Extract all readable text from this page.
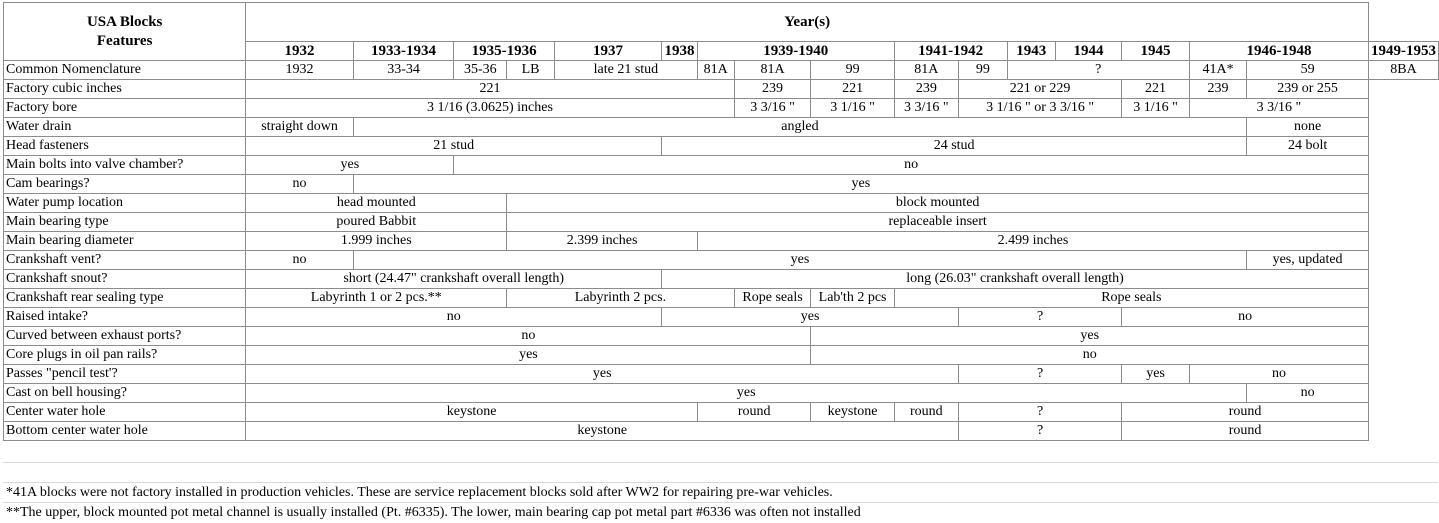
USA Blocks
Features	Year(s)																
	1932	1933-1934	1935-1936		1937	1938	1939-1940			1941-1942		1943	1944	1945	1946-1948		1949-1953
Common Nomenclature	1932	33-34	35-36	LB	late 21 stud		81A	81A	99	81A	99	?			41A*	59	8BA
Factory cubic inches	221							239	221	239	221 or 229			221	239	239 or 255	
Factory bore	3 1/16 (3.0625) inches							3 3/16 "	3 1/16 "	3 3/16 "	3 1/16 " or 3 3/16 "			3 1/16 "	3 3/16 "		
Water drain	straight down	angled														none	
Head fasteners	21 stud					24 stud										24 bolt	
Main bolts into valve chamber?	yes		no														
Cam bearings?	no	yes															
Water pump location	head mounted			block mounted													
Main bearing type	poured Babbit			replaceable insert													
Main bearing diameter	1.999 inches			2.399 inches			2.499 inches										
Crankshaft vent?	no	yes														yes, updated	
Crankshaft snout?	short (24.47" crankshaft overall length)					long (26.03" crankshaft overall length)											
Crankshaft rear sealing type	Labyrinth 1 or 2 pcs.**			Labyrinth 2 pcs.				Rope seals	Lab'th 2 pcs	Rope seals							
Raised intake?	no					yes					?			no			
Curved between exhaust ports?	no								yes								
Core plugs in oil pan rails?	yes								no								
Passes "pencil test'?	yes										?			yes	no		
Cast on bell housing?	yes															no	
Center water hole	keystone						round		keystone	round	?			round			
Bottom center water hole	keystone										?			round			
*41A blocks were not factory installed in production vehicles. These are service replacement blocks sold after WW2 for repairing pre-war vehicles.
**The upper, block mounted pot metal channel is usually installed (Pt. #6335). The lower, main bearing cap pot metal part #6336 was often not installed
